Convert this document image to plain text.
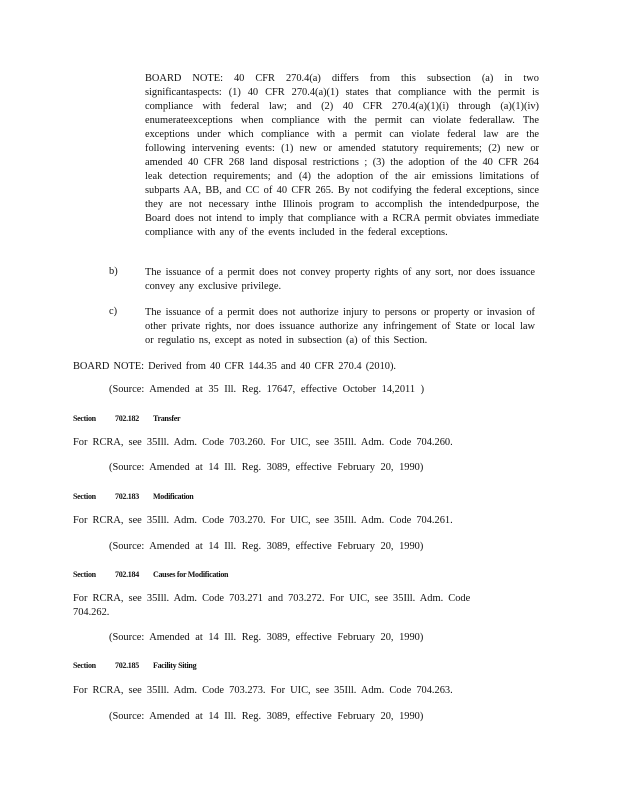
BOARD NOTE: 40 CFR 270.4(a) differs from this subsection (a) in two significantaspects: (1) 40 CFR 270.4(a)(1) states that compliance with the permit is compliance with federal law; and (2) 40 CFR 270.4(a)(1)(i) through (a)(1)(iv) enumerateexceptions when compliance with the permit can violate federallaw. The exceptions under which compliance with a permit can violate federal law are the following intervening events: (1) new or amended statutory requirements; (2) new or amended 40 CFR 268 land disposal restrictions ; (3) the adoption of the 40 CFR 264 leak detection requirements; and (4) the adoption of the air emissions limitations of subparts AA, BB, and CC of 40 CFR 265. By not codifying the federal exceptions, since they are not necessary inthe Illinois program to accomplish the intendedpurpose, the Board does not intend to imply that compliance with a RCRA permit obviates immediate compliance with any of the events included in the federal exceptions.

b)	The issuance of a permit does not convey property rights of any sort, nor does issuance convey any exclusive privilege.

c)	The issuance of a permit does not authorize injury to persons or property or invasion of other private rights, nor does issuance authorize any infringement of State or local law or regulatio ns, except as noted in subsection (a) of this Section.

BOARD NOTE: Derived from 40 CFR 144.35 and 40 CFR 270.4 (2010).

(Source: Amended at 35 Ill. Reg. 17647, effective October 14,2011 )
Section 702.182 Transfer
For RCRA, see 35Ill. Adm. Code 703.260. For UIC, see 35Ill. Adm. Code 704.260.
(Source: Amended at 14 Ill. Reg. 3089, effective February 20, 1990)
Section 702.183 Modification
For RCRA, see 35Ill. Adm. Code 703.270. For UIC, see 35Ill. Adm. Code 704.261.
(Source: Amended at 14 Ill. Reg. 3089, effective February 20, 1990)
Section 702.184 Causes for Modification
For RCRA, see 35Ill. Adm. Code 703.271 and 703.272. For UIC, see 35Ill. Adm. Code 704.262.
(Source: Amended at 14 Ill. Reg. 3089, effective February 20, 1990)
Section 702.185 Facility Siting
For RCRA, see 35Ill. Adm. Code 703.273. For UIC, see 35Ill. Adm. Code 704.263.
(Source: Amended at 14 Ill. Reg. 3089, effective February 20, 1990)
